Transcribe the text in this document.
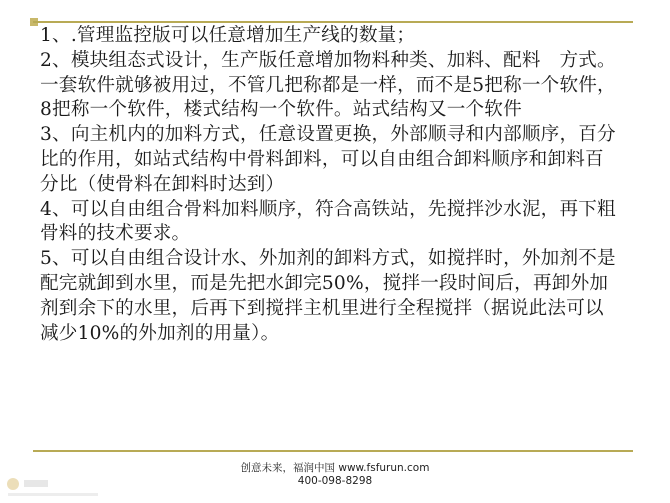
1、.管理监控版可以任意增加生产线的数量；

2、模块组态式设计，生产版任意增加物料种类、加料、配料　方式。一套软件就够被用过，不管几把称都是一样，而不是5把称一个软件，8把称一个软件，楼式结构一个软件。站式结构又一个软件

3、向主机内的加料方式，任意设置更换，外部顺寻和内部顺序，百分比的作用，如站式结构中骨料卸料，可以自由组合卸料顺序和卸料百分比（使骨料在卸料时达到）

4、可以自由组合骨料加料顺序，符合高铁站，先搅拌沙水泥，再下粗骨料的技术要求。

5、可以自由组合设计水、外加剂的卸料方式，如搅拌时，外加剂不是配完就卸到水里，而是先把水卸完50%，搅拌一段时间后，再卸外加剂到余下的水里，后再下到搅拌主机里进行全程搅拌（据说此法可以减少10%的外加剂的用量）。

创意未来，福润中国 www.fsfurun.com
400-098-8298
